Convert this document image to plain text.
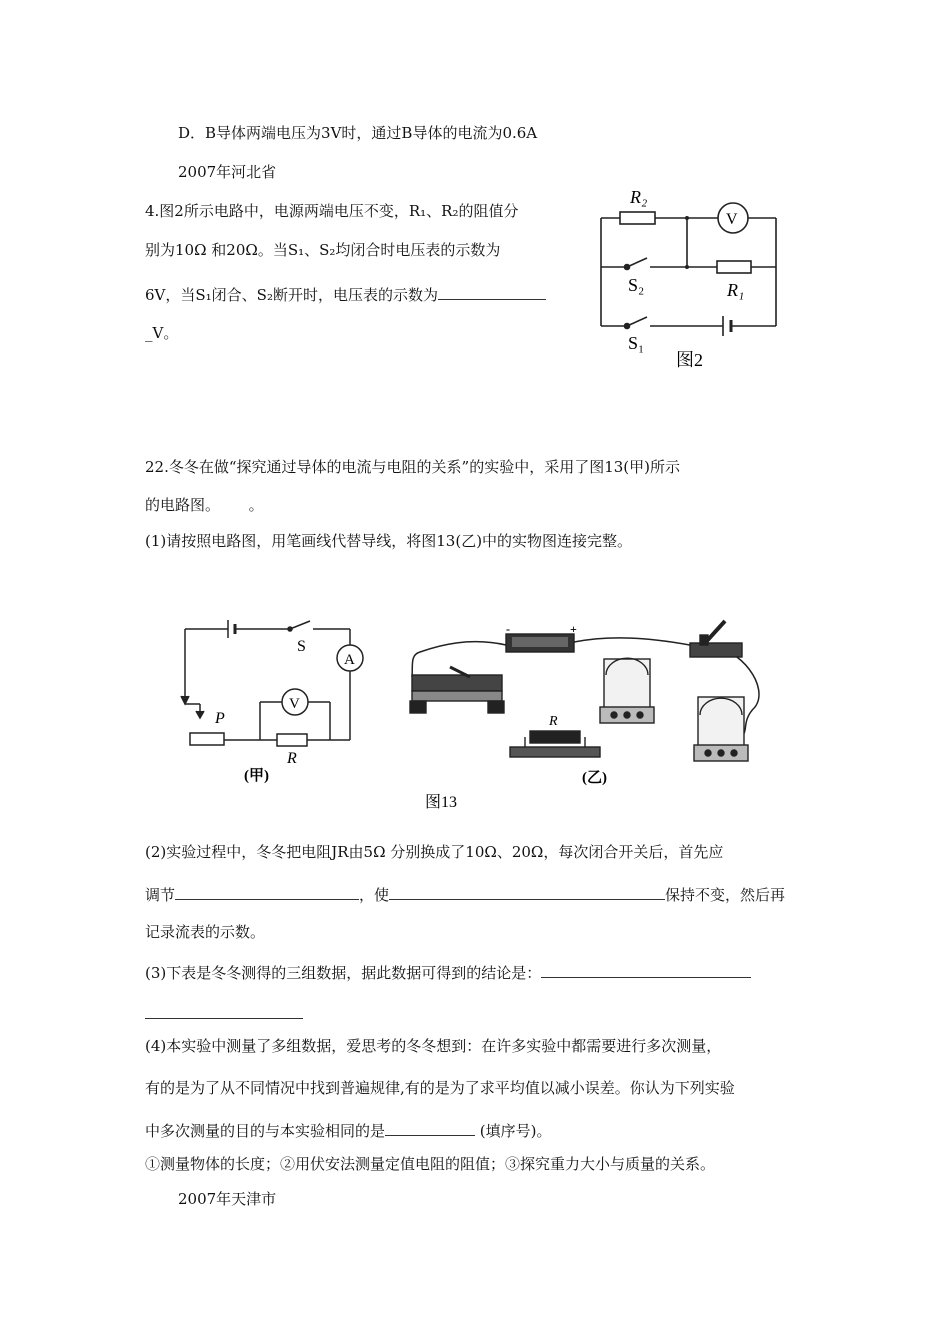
D．B导体两端电压为3V时，通过B导体的电流为0.6A
2007年河北省
4.图2所示电路中，电源两端电压不变，R₁、R₂的阻值分
别为10Ω 和20Ω。当S₁、S₂均闭合时电压表的示数为
6V，当S₁闭合、S₂断开时，电压表的示数为
_V。
R₂
V
S₂	R₁
S₁
图2
22.冬冬在做“探究通过导体的电流与电阻的关系”的实验中，采用了图13(甲)所示
的电路图。      。
(1)请按照电路图，用笔画线代替导线，将图13(乙)中的实物图连接完整。
S
A
V
P
R
(甲)
-	+
R
(乙)
图13
(2)实验过程中，冬冬把电阻JR由5Ω 分别换成了10Ω、20Ω，每次闭合开关后，首先应
调节	，使	保持不变，然后再
记录流表的示数。
(3)下表是冬冬测得的三组数据，据此数据可得到的结论是：
(4)本实验中测量了多组数据，爱思考的冬冬想到：在许多实验中都需要进行多次测量，
有的是为了从不同情况中找到普遍规律,有的是为了求平均值以减小误差。你认为下列实验
中多次测量的目的与本实验相同的是	(填序号)。
①测量物体的长度；②用伏安法测量定值电阻的阻值；③探究重力大小与质量的关系。
2007年天津市
